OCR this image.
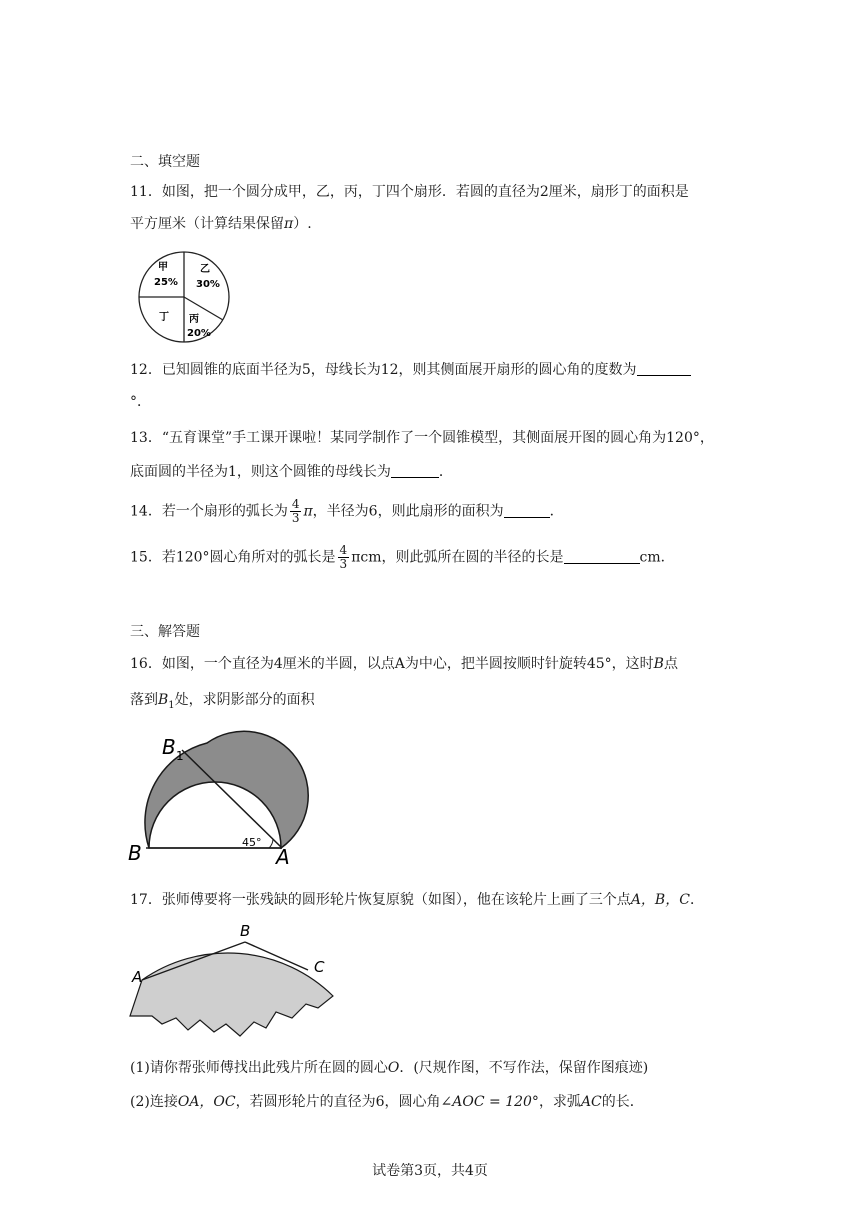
二、填空题
11．如图，把一个圆分成甲，乙，丙，丁四个扇形．若圆的直径为2厘米，扇形丁的面积是
平方厘米（计算结果保留π）.
甲
25%
乙
30%
丙
20%
丁
12．已知圆锥的底面半径为5，母线长为12，则其侧面展开扇形的圆心角的度数为
°．
13．“五育课堂”手工课开课啦！某同学制作了一个圆锥模型，其侧面展开图的圆心角为120°，
底面圆的半径为1，则这个圆锥的母线长为	．
14．若一个扇形的弧长为 $\frac{4}{3}$ π，半径为6，则此扇形的面积为	．
15．若120°圆心角所对的弧长是 $\frac{4}{3}$ πcm，则此弧所在圆的半径的长是	cm．
三、解答题
16．如图，一个直径为4厘米的半圆，以点A为中心，把半圆按顺时针旋转45°，这时B点
落到$B_1$处，求阴影部分的面积
B 1
B	A
45°
17．张师傅要将一张残缺的圆形轮片恢复原貌（如图），他在该轮片上画了三个点A，B，C．
A
B
C
(1)请你帮张师傅找出此残片所在圆的圆心O．(尺规作图，不写作法，保留作图痕迹)
(2)连接OA，OC，若圆形轮片的直径为6，圆心角∠AOC = 120°，求弧AC的长．
试卷第3页，共4页
